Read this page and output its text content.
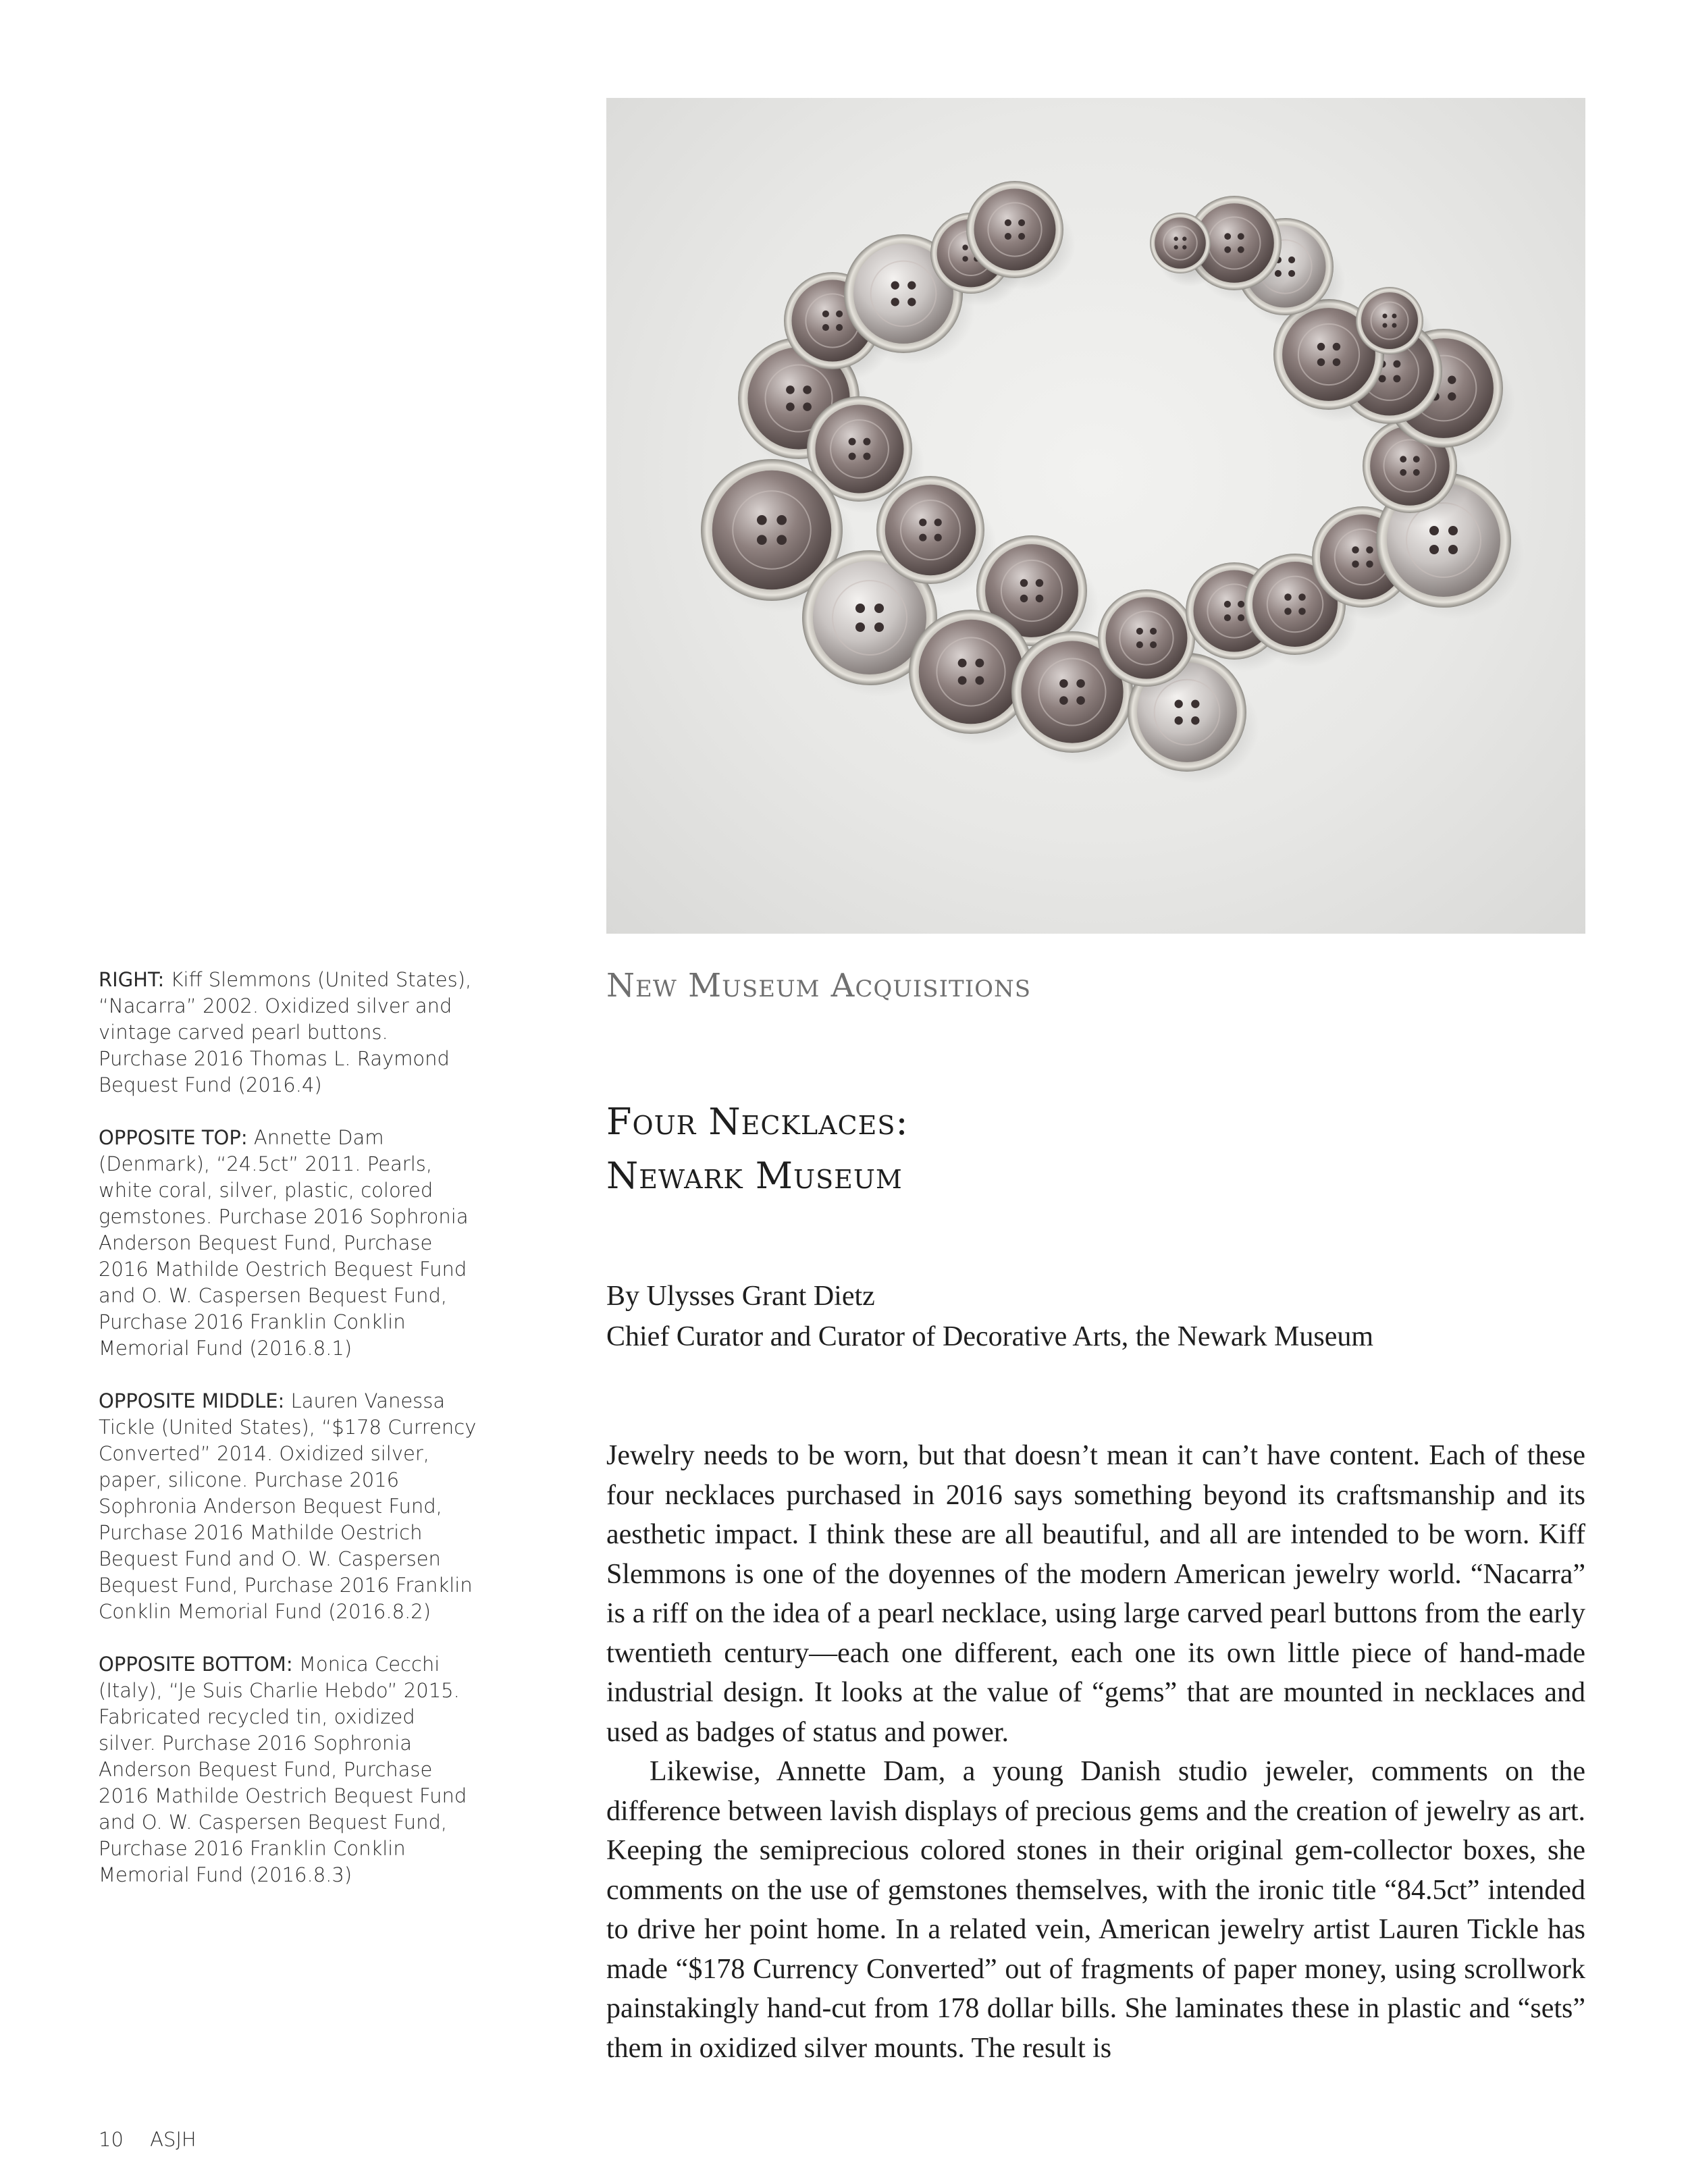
RIGHT: Kiff Slemmons (United States), “Nacarra” 2002. Oxidized silver and vintage carved pearl buttons. Purchase 2016 Thomas L. Raymond Bequest Fund (2016.4)

OPPOSITE TOP: Annette Dam (Denmark), “24.5ct” 2011. Pearls, white coral, silver, plastic, colored gemstones. Purchase 2016 Sophronia Anderson Bequest Fund, Purchase 2016 Mathilde Oestrich Bequest Fund and O. W. Caspersen Bequest Fund, Purchase 2016 Franklin Conklin Memorial Fund (2016.8.1)

OPPOSITE MIDDLE: Lauren Vanessa Tickle (United States), “$178 Currency Converted” 2014. Oxidized silver, paper, silicone. Purchase 2016 Sophronia Anderson Bequest Fund, Purchase 2016 Mathilde Oestrich Bequest Fund and O. W. Caspersen Bequest Fund, Purchase 2016 Franklin Conklin Memorial Fund (2016.8.2)

OPPOSITE BOTTOM: Monica Cecchi (Italy), “Je Suis Charlie Hebdo” 2015. Fabricated recycled tin, oxidized silver. Purchase 2016 Sophronia Anderson Bequest Fund, Purchase 2016 Mathilde Oestrich Bequest Fund and O. W. Caspersen Bequest Fund, Purchase 2016 Franklin Conklin Memorial Fund (2016.8.3)

New Museum Acquisitions
Four Necklaces:
Newark Museum
By Ulysses Grant Dietz
Chief Curator and Curator of Decorative Arts, the Newark Museum

Jewelry needs to be worn, but that doesn’t mean it can’t have content. Each of these four necklaces purchased in 2016 says something beyond its craftsmanship and its aesthetic impact. I think these are all beautiful, and all are intended to be worn. Kiff Slemmons is one of the doyennes of the modern American jewelry world. “Nacarra” is a riff on the idea of a pearl necklace, using large carved pearl buttons from the early twentieth century—each one different, each one its own little piece of hand-made industrial design. It looks at the value of “gems” that are mounted in necklaces and used as badges of status and power.

Likewise, Annette Dam, a young Danish studio jeweler, comments on the difference between lavish displays of precious gems and the creation of jewelry as art. Keeping the semiprecious colored stones in their original gem-collector boxes, she comments on the use of gemstones themselves, with the ironic title “84.5ct” intended to drive her point home. In a related vein, American jewelry artist Lauren Tickle has made “$178 Currency Converted” out of fragments of paper money, using scrollwork painstakingly hand-cut from 178 dollar bills. She laminates these in plastic and “sets” them in oxidized silver mounts. The result is

10 ASJH
